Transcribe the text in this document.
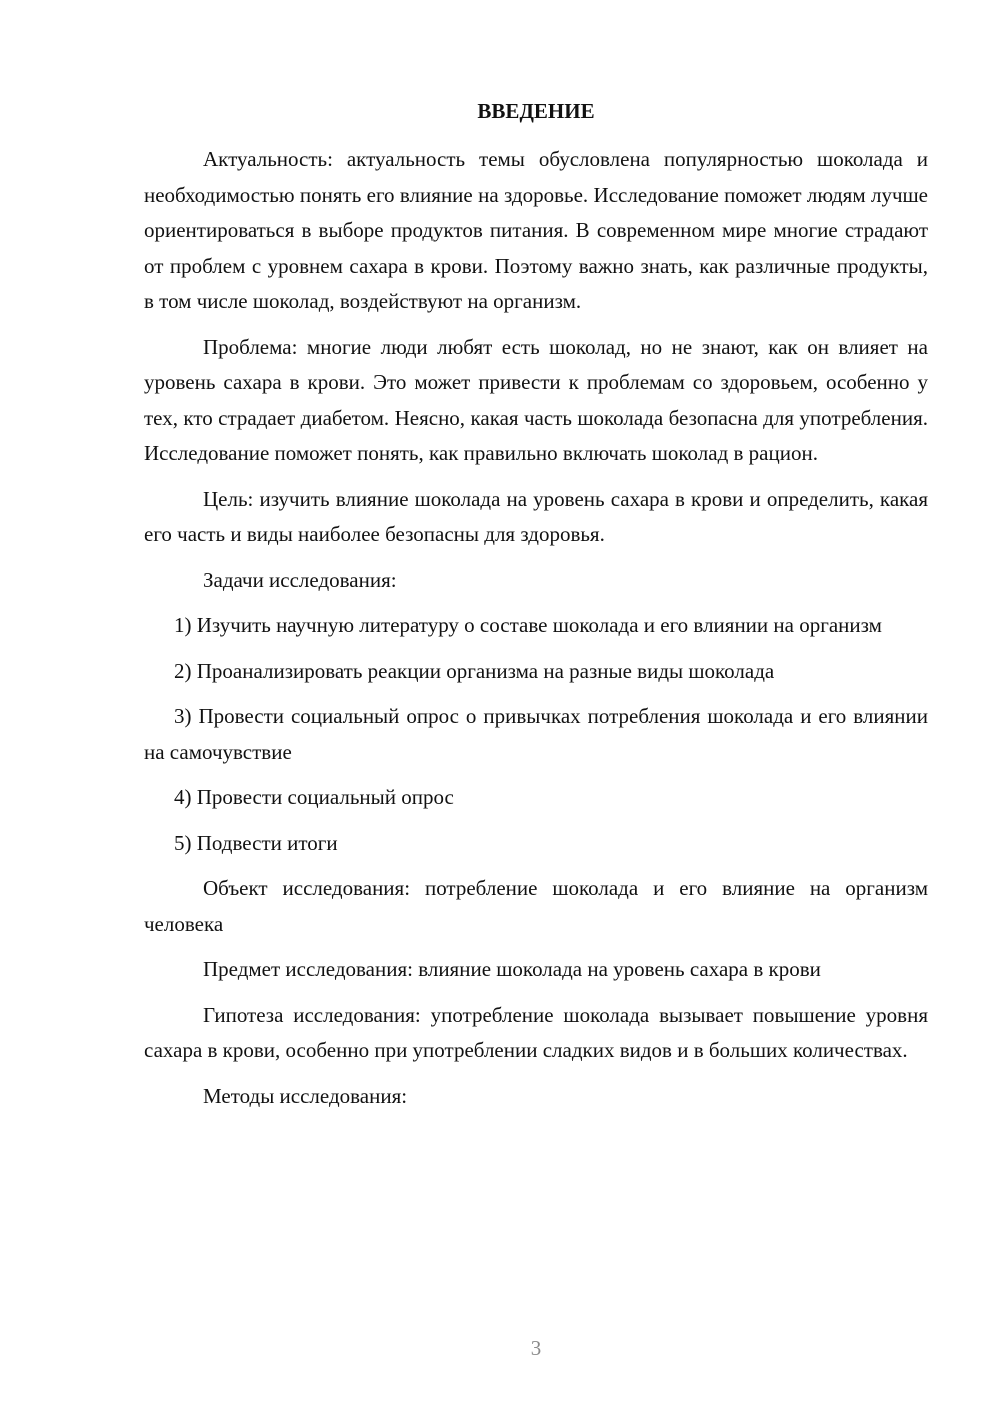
ВВЕДЕНИЕ

Актуальность: актуальность темы обусловлена популярностью шоколада и необходимостью понять его влияние на здоровье. Исследование поможет людям лучше ориентироваться в выборе продуктов питания. В современном мире многие страдают от проблем с уровнем сахара в крови. Поэтому важно знать, как различные продукты, в том числе шоколад, воздействуют на организм.

Проблема: многие люди любят есть шоколад, но не знают, как он влияет на уровень сахара в крови. Это может привести к проблемам со здоровьем, особенно у тех, кто страдает диабетом. Неясно, какая часть шоколада безопасна для употребления. Исследование поможет понять, как правильно включать шоколад в рацион.

Цель: изучить влияние шоколада на уровень сахара в крови и определить, какая его часть и виды наиболее безопасны для здоровья.

Задачи исследования:

1) Изучить научную литературу о составе шоколада и его влиянии на организм

2) Проанализировать реакции организма на разные виды шоколада

3) Провести социальный опрос о привычках потребления шоколада и его влиянии на самочувствие

4) Провести социальный опрос

5) Подвести итоги

Объект исследования: потребление шоколада и его влияние на организм человека

Предмет исследования: влияние шоколада на уровень сахара в крови

Гипотеза исследования: употребление шоколада вызывает повышение уровня сахара в крови, особенно при употреблении сладких видов и в больших количествах.

Методы исследования:

3
